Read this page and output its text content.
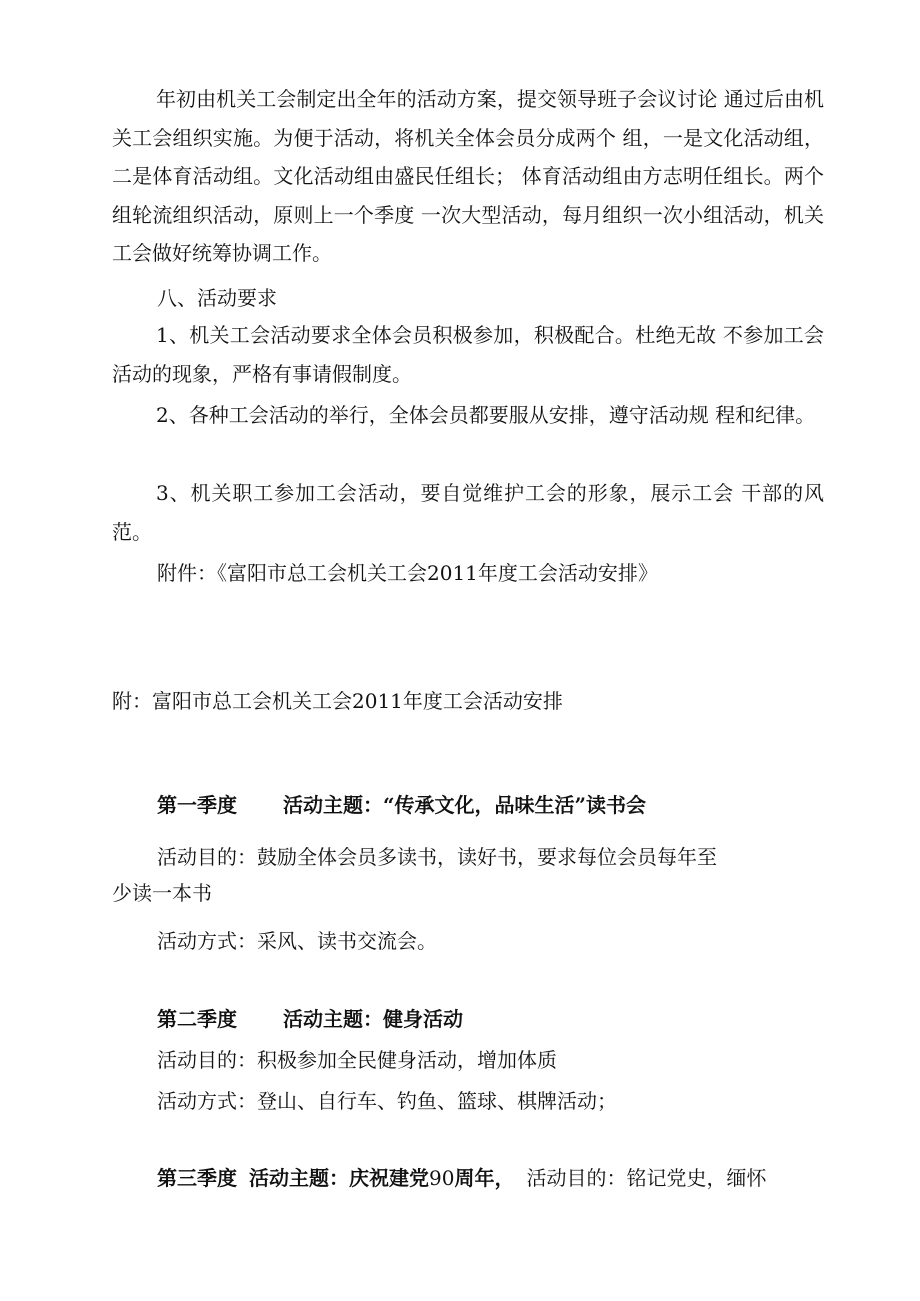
年初由机关工会制定出全年的活动方案，提交领导班子会议讨论 通过后由机关工会组织实施。为便于活动，将机关全体会员分成两个 组，一是文化活动组，二是体育活动组。文化活动组由盛民任组长； 体育活动组由方志明任组长。两个组轮流组织活动，原则上一个季度 一次大型活动，每月组织一次小组活动，机关工会做好统筹协调工作。

八、活动要求

1、机关工会活动要求全体会员积极参加，积极配合。杜绝无故 不参加工会活动的现象，严格有事请假制度。

2、各种工会活动的举行，全体会员都要服从安排，遵守活动规 程和纪律。

3、机关职工参加工会活动，要自觉维护工会的形象，展示工会 干部的风范。

附件：《富阳市总工会机关工会2011年度工会活动安排》

附：富阳市总工会机关工会2011年度工会活动安排

第一季度 活动主题：“传承文化，品味生活”读书会

活动目的：鼓励全体会员多读书，读好书，要求每位会员每年至

少读一本书

活动方式：采风、读书交流会。

第二季度 活动主题：健身活动

活动目的：积极参加全民健身活动，增加体质

活动方式：登山、自行车、钓鱼、篮球、棋牌活动；

第三季度 活动主题：庆祝建党90周年， 活动目的：铭记党史，缅怀
